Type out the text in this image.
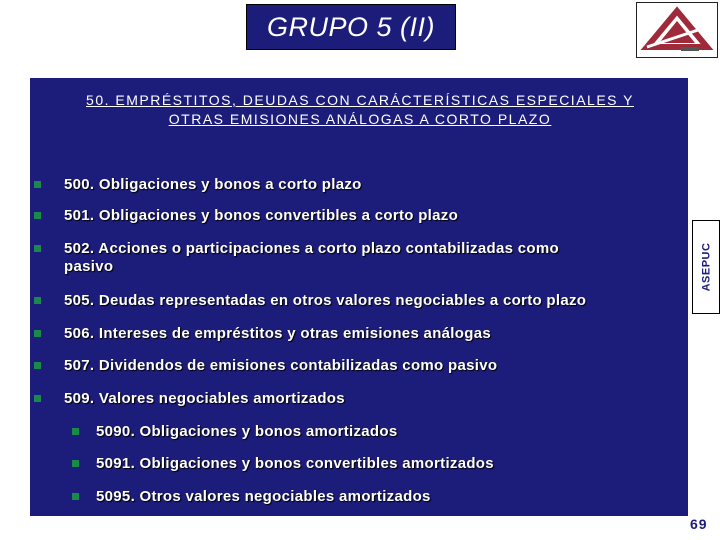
GRUPO 5 (II)
50. EMPRÉSTITOS, DEUDAS CON CARÁCTERÍSTICAS ESPECIALES Y
OTRAS EMISIONES ANÁLOGAS A CORTO PLAZO
500. Obligaciones y bonos a corto plazo
501. Obligaciones y bonos convertibles a corto plazo
502. Acciones o participaciones a corto plazo contabilizadas como
pasivo
505. Deudas representadas en otros valores negociables a corto plazo
506. Intereses de empréstitos y otras emisiones análogas
507. Dividendos de emisiones contabilizadas como pasivo
509. Valores negociables amortizados
5090. Obligaciones y bonos amortizados
5091. Obligaciones y bonos convertibles amortizados
5095. Otros valores negociables amortizados
ASEPUC
69
